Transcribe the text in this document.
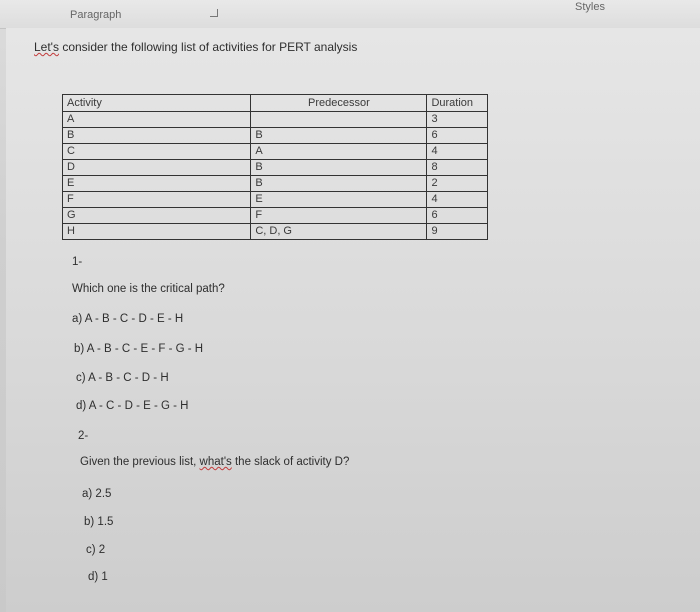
Paragraph
Styles
Let's consider the following list of activities for PERT analysis
Activity	Predecessor	Duration
A		3
B	B	6
C	A	4
D	B	8
E	B	2
F	E	4
G	F	6
H	C, D, G	9
1-
Which one is the critical path?
a) A - B - C - D - E - H
b) A - B - C - E - F - G - H
c) A - B - C - D - H
d) A - C - D - E - G - H
2-
Given the previous list, what's the slack of activity D?
a) 2.5
b) 1.5
c) 2
d) 1
